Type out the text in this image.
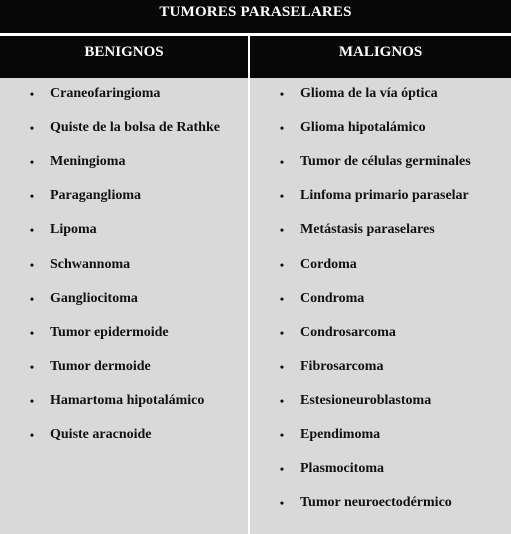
TUMORES PARASELARES
BENIGNOS	MALIGNOS
• Craneofaringioma
• Quiste de la bolsa de Rathke
• Meningioma
• Paraganglioma
• Lipoma
• Schwannoma
• Gangliocitoma
• Tumor epidermoide
• Tumor dermoide
• Hamartoma hipotalámico
• Quiste aracnoide
• Glioma de la vía óptica
• Glioma hipotalámico
• Tumor de células germinales
• Linfoma primario paraselar
• Metástasis paraselares
• Cordoma
• Condroma
• Condrosarcoma
• Fibrosarcoma
• Estesioneuroblastoma
• Ependimoma
• Plasmocitoma
• Tumor neuroectodérmico
